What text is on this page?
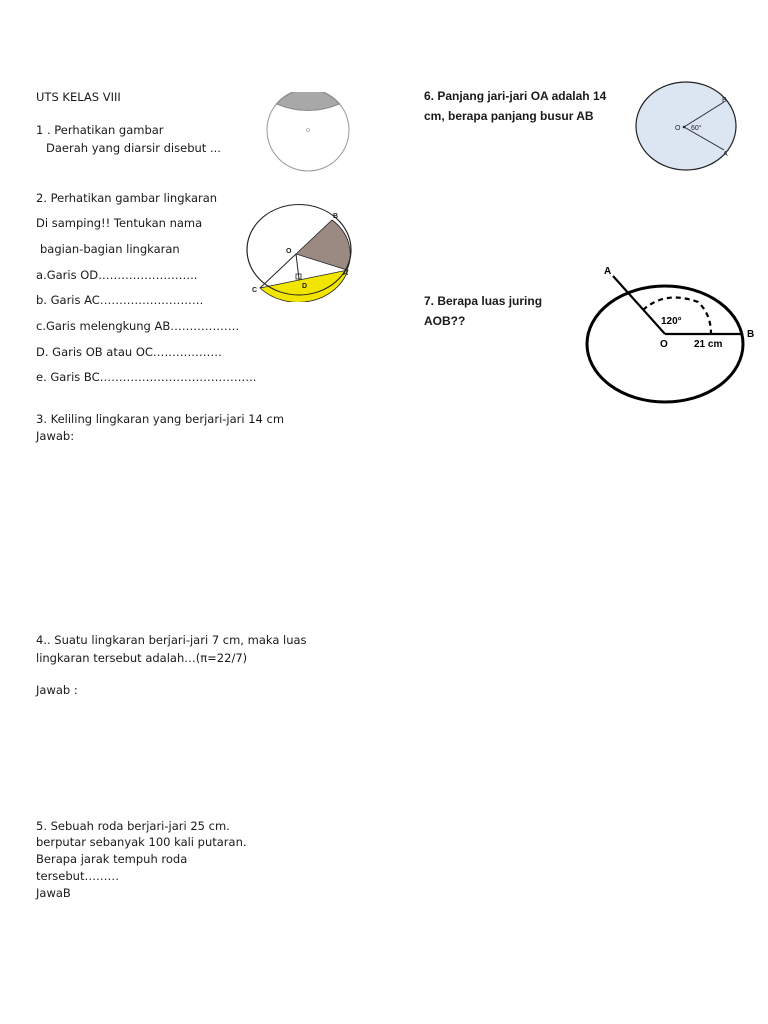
UTS KELAS VIII
1 . Perhatikan gambar
Daerah yang diarsir disebut ...
2. Perhatikan gambar lingkaran
Di samping!! Tentukan nama
bagian-bagian lingkaran
a.Garis OD……………………..
b. Garis AC………………………
c.Garis melengkung AB………………
D. Garis OB atau OC………………
e. Garis BC…………………………………..
O
B
A
C
D
3. Keliling lingkaran yang berjari-jari 14 cm
Jawab:
4.. Suatu lingkaran berjari-jari 7 cm, maka luas
lingkaran tersebut adalah…(π=22/7)
Jawab :
5. Sebuah roda berjari-jari 25 cm.
berputar sebanyak 100 kali putaran.
Berapa jarak tempuh roda
tersebut………
JawaB
6. Panjang jari-jari OA adalah 14
cm, berapa panjang busur AB
O 60°
B
A
7. Berapa luas juring
AOB??
A
B
O
120°
21 cm
